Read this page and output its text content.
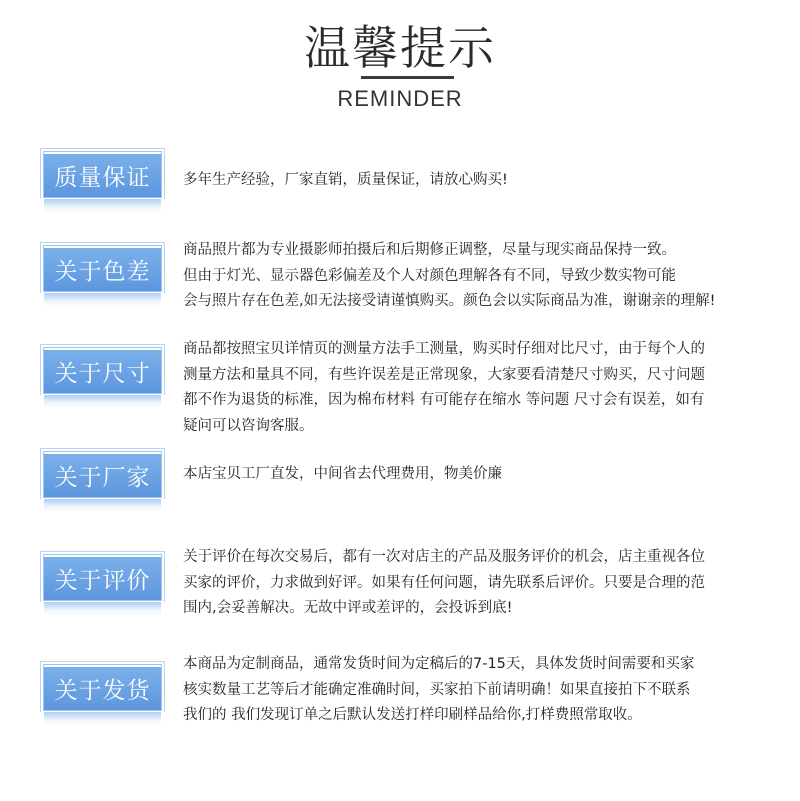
温馨提示
REMINDER
质量保证 多年生产经验，厂家直销，质量保证，请放心购买!
关于色差
商品照片都为专业摄影师拍摄后和后期修正调整，尽量与现实商品保持一致。
但由于灯光、显示器色彩偏差及个人对颜色理解各有不同，导致少数实物可能
会与照片存在色差,如无法接受请谨慎购买。颜色会以实际商品为准，谢谢亲的理解!
关于尺寸
商品都按照宝贝详情页的测量方法手工测量，购买时仔细对比尺寸，由于每个人的
测量方法和量具不同，有些许误差是正常现象，大家要看清楚尺寸购买，尺寸问题
都不作为退货的标准，因为棉布材料 有可能存在缩水 等问题 尺寸会有误差，如有
疑问可以咨询客服。
关于厂家 本店宝贝工厂直发，中间省去代理费用，物美价廉
关于评价
关于评价在每次交易后，都有一次对店主的产品及服务评价的机会，店主重视各位
买家的评价，力求做到好评。如果有任何问题，请先联系后评价。只要是合理的范
围内,会妥善解决。无故中评或差评的，会投诉到底!
关于发货
本商品为定制商品，通常发货时间为定稿后的7-15天，具体发货时间需要和买家
核实数量工艺等后才能确定准确时间，买家拍下前请明确！如果直接拍下不联系
我们的 我们发现订单之后默认发送打样印刷样品给你,打样费照常取收。
